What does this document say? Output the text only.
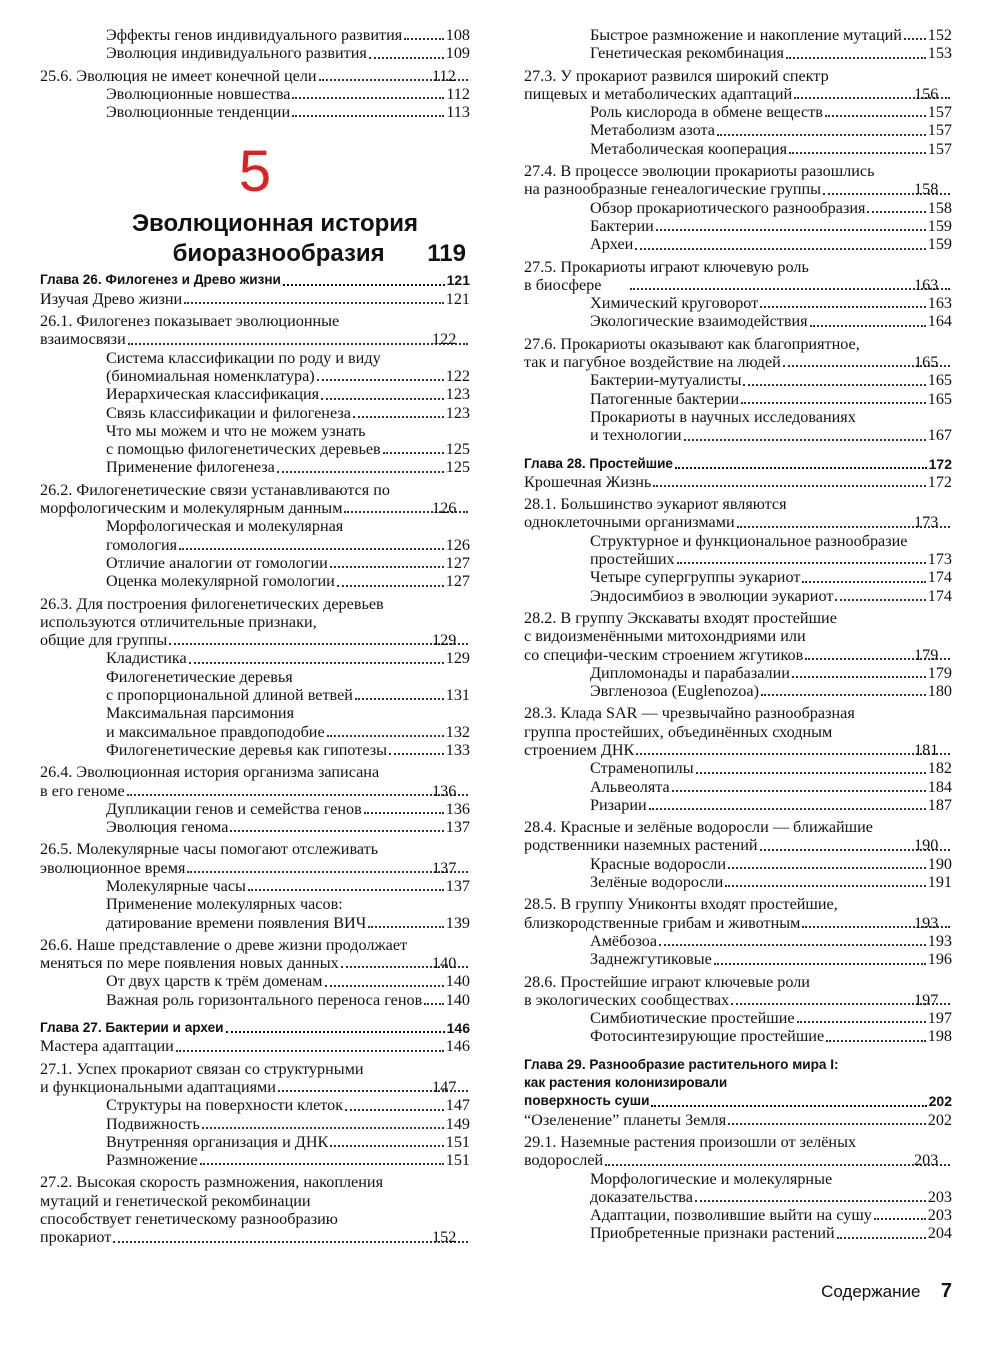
Эффекты генов индивидуального развития	108
Эволюция индивидуального развития	109
25.6. Эволюция не имеет конечной цели	112
Эволюционные новшества	112
Эволюционные тенденции	113
5
Эволюционная история
биоразнообразия	119
Глава 26. Филогенез и Древо жизни	121
Изучая Древо жизни	121
26.1. Филогенез показывает эволюционные
взаимосвязи	122
Система классификации по роду и виду
(биномиальная номенклатура)	122
Иерархическая классификация	123
Связь классификации и филогенеза	123
Что мы можем и что не можем узнать
с помощью филогенетических деревьев	125
Применение филогенеза	125
26.2. Филогенетические связи устанавливаются по
морфологическим и молекулярным данным	126
Морфологическая и молекулярная
гомология	126
Отличие аналогии от гомологии	127
Оценка молекулярной гомологии	127
26.3. Для построения филогенетических деревьев
используются отличительные признаки,
общие для группы	129
Кладистика	129
Филогенетические деревья
с пропорциональной длиной ветвей	131
Максимальная парсимония
и максимальное правдоподобие	132
Филогенетические деревья как гипотезы	133
26.4. Эволюционная история организма записана
в его геноме	136
Дупликации генов и семейства генов	136
Эволюция генома	137
26.5. Молекулярные часы помогают отслеживать
эволюционное время	137
Молекулярные часы	137
Применение молекулярных часов:
датирование времени появления ВИЧ	139
26.6. Наше представление о древе жизни продолжает
меняться по мере появления новых данных	140
От двух царств к трём доменам	140
Важная роль горизонтального переноса генов	140
Глава 27. Бактерии и археи	146
Мастера адаптации	146
27.1. Успех прокариот связан со структурными
и функциональными адаптациями	147
Структуры на поверхности клеток	147
Подвижность	149
Внутренняя организация и ДНК	151
Размножение	151
27.2. Высокая скорость размножения, накопления
мутаций и генетической рекомбинации
способствует генетическому разнообразию
прокариот	152
Быстрое размножение и накопление мутаций	152
Генетическая рекомбинация	153
27.3. У прокариот развился широкий спектр
пищевых и метаболических адаптаций	156
Роль кислорода в обмене веществ	157
Метаболизм азота	157
Метаболическая кооперация	157
27.4. В процессе эволюции прокариоты разошлись
на разнообразные генеалогические группы	158
Обзор прокариотического разнообразия	158
Бактерии	159
Археи	159
27.5. Прокариоты играют ключевую роль
в биосфере	163
Химический круговорот	163
Экологические взаимодействия	164
27.6. Прокариоты оказывают как благоприятное,
так и пагубное воздействие на людей	165
Бактерии-мутуалисты	165
Патогенные бактерии	165
Прокариоты в научных исследованиях
и технологии	167
Глава 28. Простейшие	172
Крошечная Жизнь	172
28.1. Большинство эукариот являются
одноклеточными организмами	173
Структурное и функциональное разнообразие
простейших	173
Четыре супергруппы эукариот	174
Эндосимбиоз в эволюции эукариот	174
28.2. В группу Экскаваты входят простейшие
с видоизменёнными митохондриями или
со специфи-ческим строением жгутиков	179
Дипломонады и парабазалии	179
Эвгленозоа (Euglenozoa)	180
28.3. Клада SAR — чрезвычайно разнообразная
группа простейших, объединённых сходным
строением ДНК	181
Страменопилы	182
Альвеолята	184
Ризарии	187
28.4. Красные и зелёные водоросли — ближайшие
родственники наземных растений	190
Красные водоросли	190
Зелёные водоросли	191
28.5. В группу Униконты входят простейшие,
близкородственные грибам и животным	193
Амёбозоа	193
Заднежгутиковые	196
28.6. Простейшие играют ключевые роли
в экологических сообществах	197
Симбиотические простейшие	197
Фотосинтезирующие простейшие	198
Глава 29. Разнообразие растительного мира I:
как растения колонизировали
поверхность суши	202
“Озеленение” планеты Земля	202
29.1. Наземные растения произошли от зелёных
водорослей	203
Морфологические и молекулярные
доказательства	203
Адаптации, позволившие выйти на сушу	203
Приобретенные признаки растений	204
Содержание 7
